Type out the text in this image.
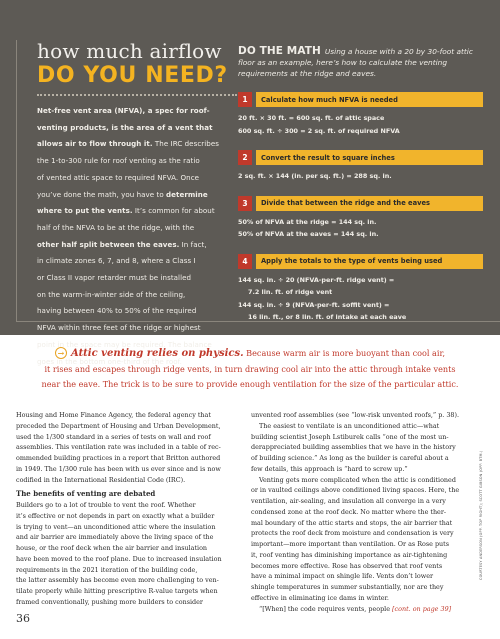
how much airflow
DO YOU NEED?
Net-free vent area (NFVA), a spec for roof-
venting products, is the area of a vent that
allows air to flow through it. The IRC describes
the 1-to-300 rule for roof venting as the ratio
of vented attic space to required NFVA. Once
you’ve done the math, you have to determine
where to put the vents. It’s common for about
half of the NFVA to be at the ridge, with the
other half split between the eaves. In fact,
in climate zones 6, 7, and 8, where a Class I
or Class II vapor retarder must be installed
on the warm-in-winter side of the ceiling,
having between 40% to 50% of the required
NFVA within three feet of the ridge or highest
point in the space may be required. The balance
goes in the bottom one-third of the roof.
DO THE MATH Using a house with a 20 by 30-foot attic floor as an example, here’s how to calculate the venting requirements at the ridge and eaves.
1	Calculate how much NFVA is needed
20 ft. × 30 ft. = 600 sq. ft. of attic space
600 sq. ft. ÷ 300 = 2 sq. ft. of required NFVA
2	Convert the result to square inches
2 sq. ft. × 144 (in. per sq. ft.) = 288 sq. in.
3	Divide that between the ridge and the eaves
50% of NFVA at the ridge = 144 sq. in.
50% of NFVA at the eaves = 144 sq. in.
4	Apply the totals to the type of vents being used
144 sq. in. ÷ 20 (NFVA-per-ft. ridge vent) =
7.2 lin. ft. of ridge vent
144 sq. in. ÷ 9 (NFVA-per-ft. soffit vent) =
16 lin. ft., or 8 lin. ft. of intake at each eave
→ Attic venting relies on physics. Because warm air is more buoyant than cool air,
it rises and escapes through ridge vents, in turn drawing cool air into the attic through intake vents
near the eave. The trick is to be sure to provide enough ventilation for the size of the particular attic.

Housing and Home Finance Agency, the federal agency that

preceded the Department of Housing and Urban Development,

used the 1/300 standard in a series of tests on wall and roof

assemblies. This ventilation rate was included in a table of rec-

ommended building practices in a report that Britton authored

in 1949. The 1/300 rule has been with us ever since and is now

codified in the International Residential Code (IRC).

The benefits of venting are debated

Builders go to a lot of trouble to vent the roof. Whether

it’s effective or not depends in part on exactly what a builder

is trying to vent—an unconditioned attic where the insulation

and air barrier are immediately above the living space of the

house, or the roof deck when the air barrier and insulation

have been moved to the roof plane. Due to increased insulation

requirements in the 2021 iteration of the building code,

the latter assembly has become even more challenging to ven-

tilate properly while hitting prescriptive R-value targets when

framed conventionally, pushing more builders to consider

unvented roof assemblies (see “low-risk unvented roofs,” p. 38).

The easiest to ventilate is an unconditioned attic—what

building scientist Joseph Lstiburek calls “one of the most un-

derappreciated building assemblies that we have in the history

of building science.” As long as the builder is careful about a

few details, this approach is “hard to screw up.”

Venting gets more complicated when the attic is conditioned

or in vaulted ceilings above conditioned living spaces. Here, the

ventilation, air-sealing, and insulation all converge in a very

condensed zone at the roof deck. No matter where the ther-

mal boundary of the attic starts and stops, the air barrier that

protects the roof deck from moisture and condensation is very

important—more important than ventilation. Or as Rose puts

it, roof venting has diminishing importance as air-tightening

becomes more effective. Rose has observed that roof vents

have a minimal impact on shingle life. Vents don’t lower

shingle temperatures in summer substantially, nor are they

effective in eliminating ice dams in winter.

“[When] the code requires vents, people [cont. on page 39]

36
COURTESY ANDERSON (OPP. TOP RIGHT); SCOTT GIBSON (OPP. BTM.)
